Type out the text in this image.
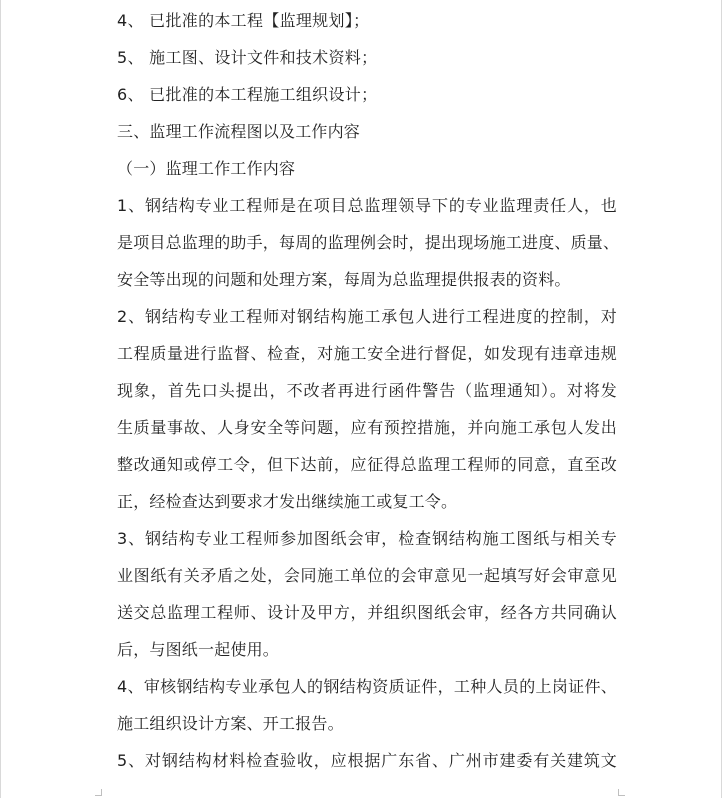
4、 已批准的本工程【监理规划】；
5、 施工图、设计文件和技术资料；
6、 已批准的本工程施工组织设计；
三、监理工作流程图以及工作内容
（一）监理工作工作内容
1、钢结构专业工程师是在项目总监理领导下的专业监理责任人，也
是项目总监理的助手，每周的监理例会时，提出现场施工进度、质量、
安全等出现的问题和处理方案，每周为总监理提供报表的资料。
2、钢结构专业工程师对钢结构施工承包人进行工程进度的控制，对
工程质量进行监督、检查，对施工安全进行督促，如发现有违章违规
现象，首先口头提出，不改者再进行函件警告（监理通知）。对将发
生质量事故、人身安全等问题，应有预控措施，并向施工承包人发出
整改通知或停工令，但下达前，应征得总监理工程师的同意，直至改
正，经检查达到要求才发出继续施工或复工令。
3、钢结构专业工程师参加图纸会审，检查钢结构施工图纸与相关专
业图纸有关矛盾之处，会同施工单位的会审意见一起填写好会审意见
送交总监理工程师、设计及甲方，并组织图纸会审，经各方共同确认
后，与图纸一起使用。
4、审核钢结构专业承包人的钢结构资质证件，工种人员的上岗证件、
施工组织设计方案、开工报告。
5、对钢结构材料检查验收，应根据广东省、广州市建委有关建筑文
